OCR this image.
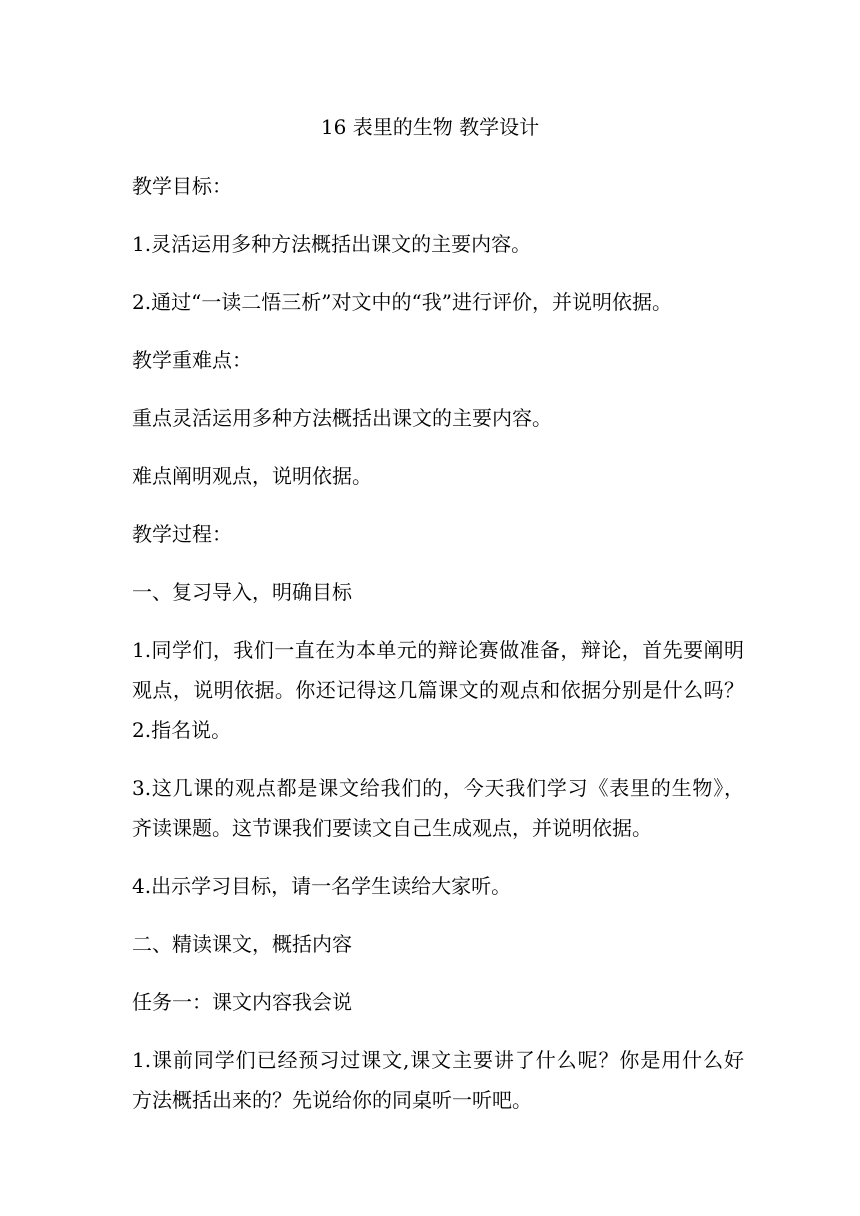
16 表里的生物 教学设计
教学目标：
1.灵活运用多种方法概括出课文的主要内容。
2.通过“一读二悟三析”对文中的“我”进行评价，并说明依据。
教学重难点：
重点灵活运用多种方法概括出课文的主要内容。
难点阐明观点，说明依据。
教学过程：
一、复习导入，明确目标
1.同学们，我们一直在为本单元的辩论赛做准备，辩论，首先要阐明
观点，说明依据。你还记得这几篇课文的观点和依据分别是什么吗？
2.指名说。
3.这几课的观点都是课文给我们的，今天我们学习《表里的生物》，
齐读课题。这节课我们要读文自己生成观点，并说明依据。
4.出示学习目标，请一名学生读给大家听。
二、精读课文，概括内容
任务一：课文内容我会说
1.课前同学们已经预习过课文,课文主要讲了什么呢？你是用什么好
方法概括出来的？先说给你的同桌听一听吧。
